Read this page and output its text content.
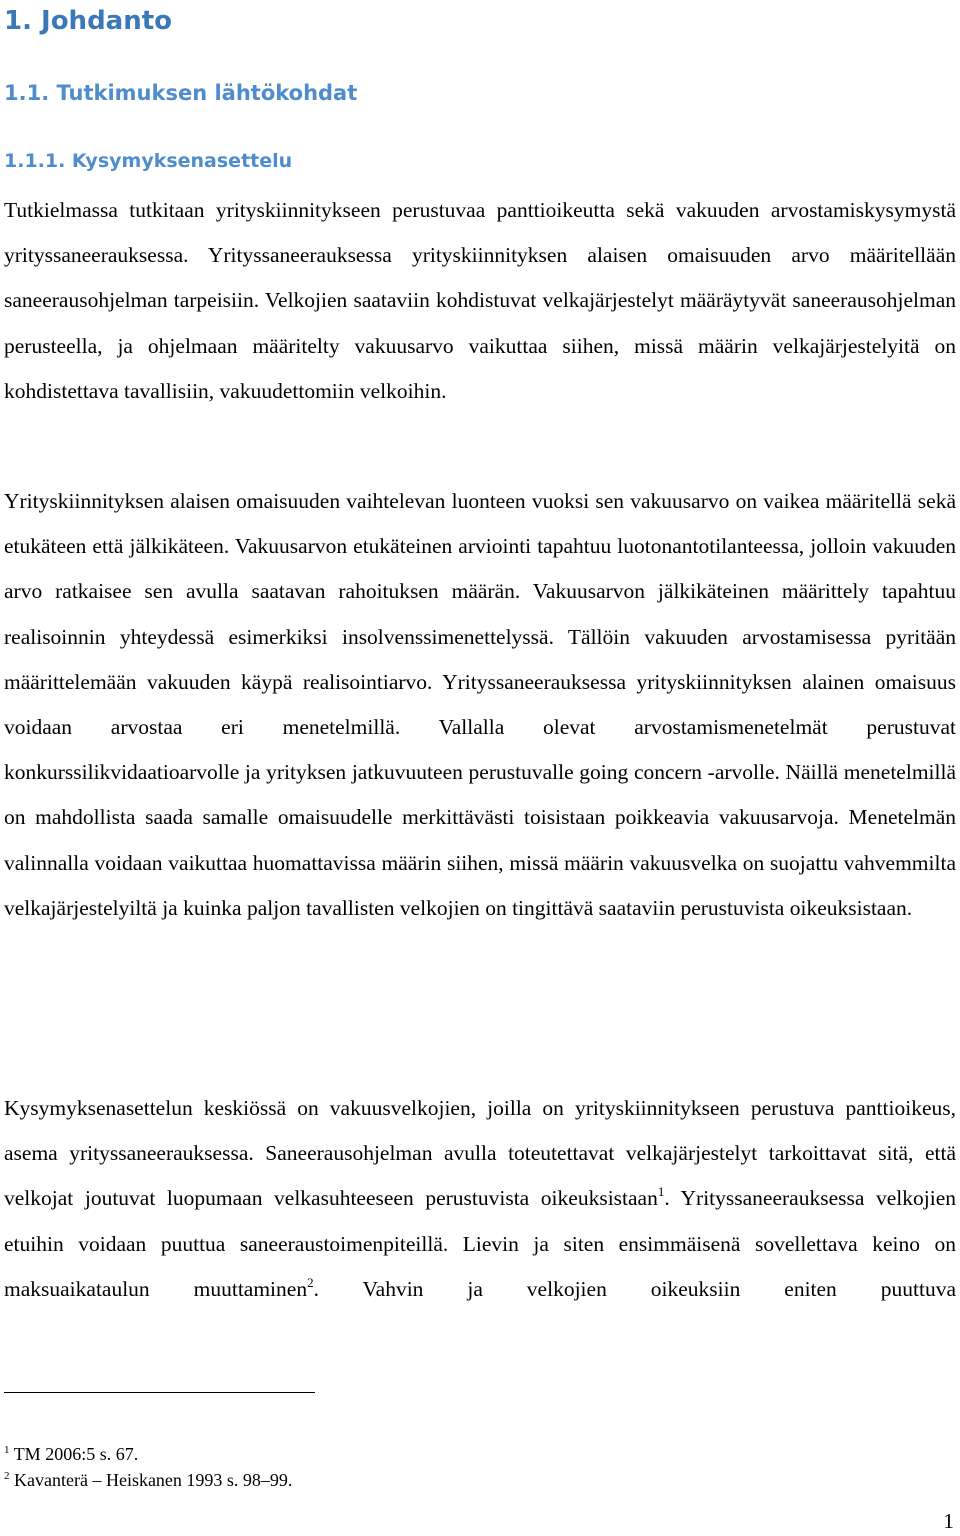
1. Johdanto
1.1. Tutkimuksen lähtökohdat
1.1.1. Kysymyksenasettelu

Tutkielmassa tutkitaan yrityskiinnitykseen perustuvaa panttioikeutta sekä vakuuden arvostamiskysymystä yrityssaneerauksessa. Yrityssaneerauksessa yrityskiinnityksen alaisen omaisuuden arvo määritellään saneerausohjelman tarpeisiin. Velkojien saataviin kohdistuvat velkajärjestelyt määräytyvät saneerausohjelman perusteella, ja ohjelmaan määritelty vakuusarvo vaikuttaa siihen, missä määrin velkajärjestelyitä on kohdistettava tavallisiin, vakuudettomiin velkoihin.

Yrityskiinnityksen alaisen omaisuuden vaihtelevan luonteen vuoksi sen vakuusarvo on vaikea määritellä sekä etukäteen että jälkikäteen. Vakuusarvon etukäteinen arviointi tapahtuu luotonantotilanteessa, jolloin vakuuden arvo ratkaisee sen avulla saatavan rahoituksen määrän. Vakuusarvon jälkikäteinen määrittely tapahtuu realisoinnin yhteydessä esimerkiksi insolvenssimenettelyssä. Tällöin vakuuden arvostamisessa pyritään määrittelemään vakuuden käypä realisointiarvo. Yrityssaneerauksessa yrityskiinnityksen alainen omaisuus voidaan arvostaa eri menetelmillä. Vallalla olevat arvostamismenetelmät perustuvat konkurssilikvidaatioarvolle ja yrityksen jatkuvuuteen perustuvalle going concern -arvolle. Näillä menetelmillä on mahdollista saada samalle omaisuudelle merkittävästi toisistaan poikkeavia vakuusarvoja. Menetelmän valinnalla voidaan vaikuttaa huomattavissa määrin siihen, missä määrin vakuusvelka on suojattu vahvemmilta velkajärjestelyiltä ja kuinka paljon tavallisten velkojien on tingittävä saataviin perustuvista oikeuksistaan.

Kysymyksenasettelun keskiössä on vakuusvelkojien, joilla on yrityskiinnitykseen perustuva panttioikeus, asema yrityssaneerauksessa. Saneerausohjelman avulla toteutettavat velkajärjestelyt tarkoittavat sitä, että velkojat joutuvat luopumaan velkasuhteeseen perustuvista oikeuksistaan$^1$. Yrityssaneerauksessa velkojien etuihin voidaan puuttua saneeraustoimenpiteillä. Lievin ja siten ensimmäisenä sovellettava keino on maksuaikataulun muuttaminen$^2$. Vahvin ja velkojien oikeuksiin eniten puuttuva

$^1$ TM 2006:5 s. 67.

$^2$ Kavanterä – Heiskanen 1993 s. 98–99.

1
